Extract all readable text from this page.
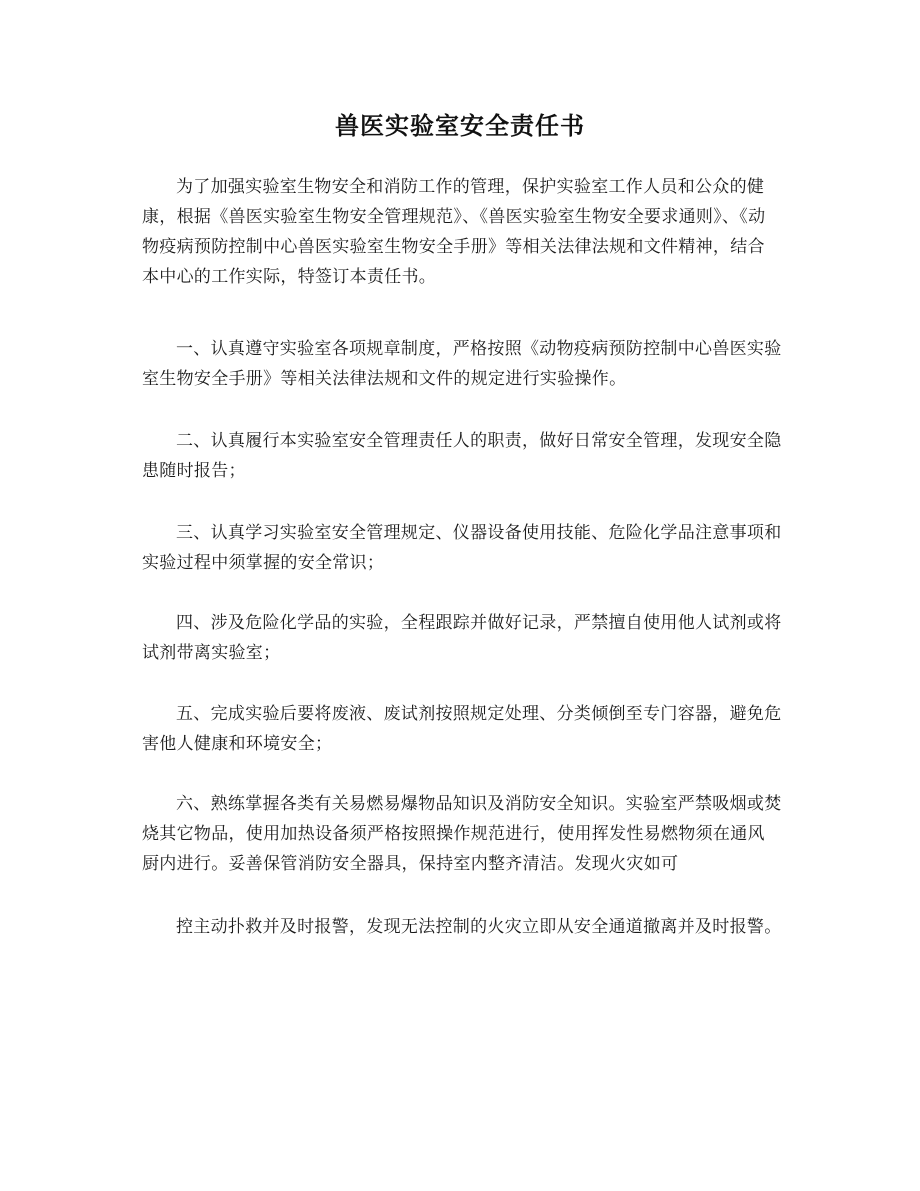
兽医实验室安全责任书

为了加强实验室生物安全和消防工作的管理，保护实验室工作人员和公众的健康，根据《兽医实验室生物安全管理规范》、《兽医实验室生物安全要求通则》、《动物疫病预防控制中心兽医实验室生物安全手册》等相关法律法规和文件精神，结合本中心的工作实际，特签订本责任书。

一、认真遵守实验室各项规章制度，严格按照《动物疫病预防控制中心兽医实验室生物安全手册》等相关法律法规和文件的规定进行实验操作。

二、认真履行本实验室安全管理责任人的职责，做好日常安全管理，发现安全隐患随时报告；

三、认真学习实验室安全管理规定、仪器设备使用技能、危险化学品注意事项和实验过程中须掌握的安全常识；

四、涉及危险化学品的实验，全程跟踪并做好记录，严禁擅自使用他人试剂或将试剂带离实验室；

五、完成实验后要将废液、废试剂按照规定处理、分类倾倒至专门容器，避免危害他人健康和环境安全；

六、熟练掌握各类有关易燃易爆物品知识及消防安全知识。实验室严禁吸烟或焚烧其它物品，使用加热设备须严格按照操作规范进行，使用挥发性易燃物须在通风厨内进行。妥善保管消防安全器具，保持室内整齐清洁。发现火灾如可

控主动扑救并及时报警，发现无法控制的火灾立即从安全通道撤离并及时报警。
